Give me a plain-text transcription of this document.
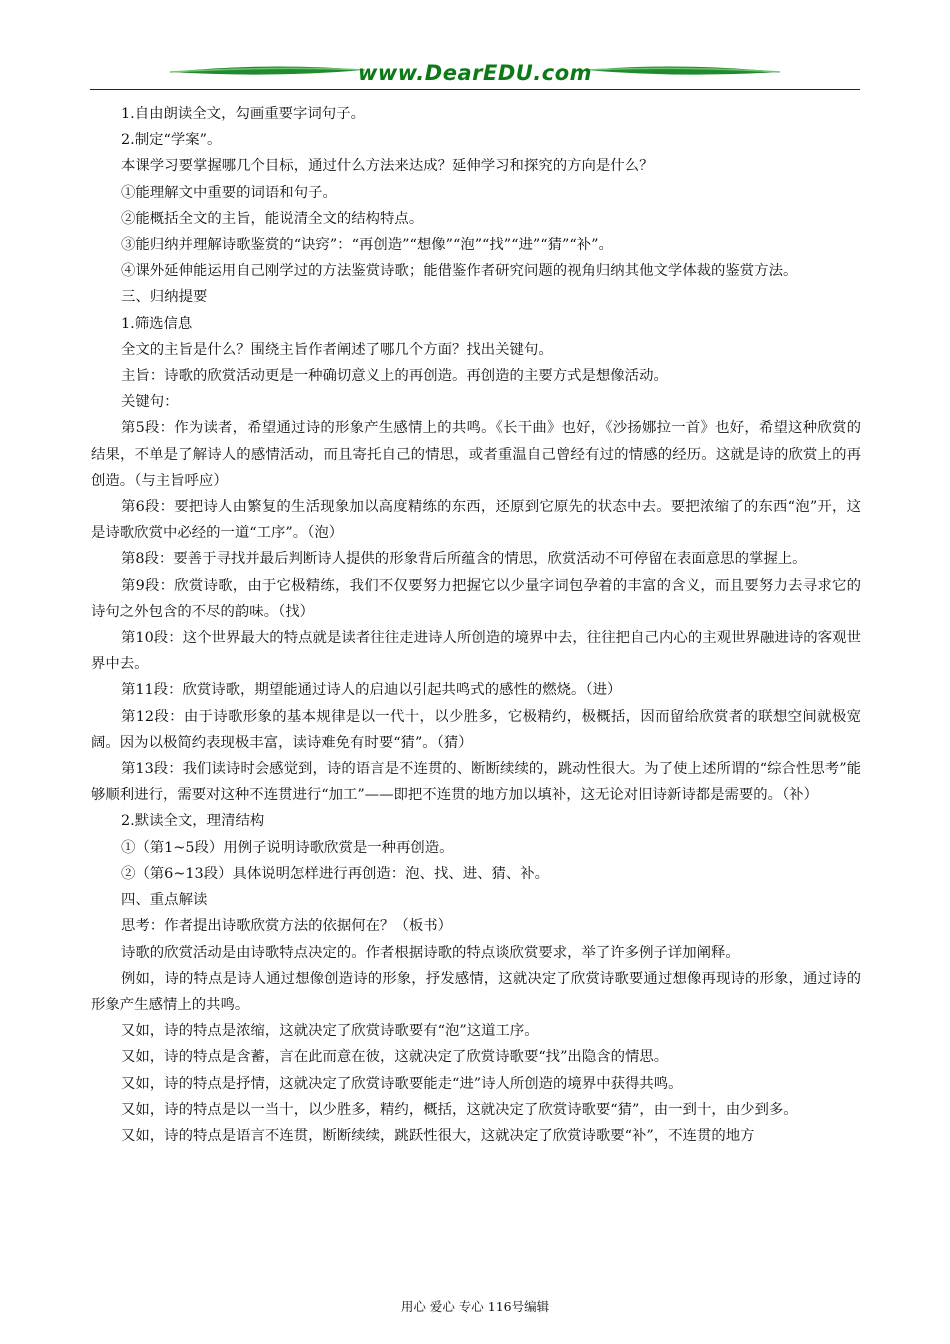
www.DearEDU.com

1.自由朗读全文，勾画重要字词句子。

2.制定“学案”。

本课学习要掌握哪几个目标，通过什么方法来达成？延伸学习和探究的方向是什么？

①能理解文中重要的词语和句子。

②能概括全文的主旨，能说清全文的结构特点。

③能归纳并理解诗歌鉴赏的“诀窍”：“再创造”“想像”“泡”“找”“进”“猜”“补”。

④课外延伸能运用自己刚学过的方法鉴赏诗歌；能借鉴作者研究问题的视角归纳其他文学体裁的鉴赏方法。

三、归纳提要

1.筛选信息

全文的主旨是什么？围绕主旨作者阐述了哪几个方面？找出关键句。

主旨：诗歌的欣赏活动更是一种确切意义上的再创造。再创造的主要方式是想像活动。

关键句：

第5段：作为读者，希望通过诗的形象产生感情上的共鸣。《长干曲》也好，《沙扬娜拉一首》也好，希望这种欣赏的结果，不单是了解诗人的感情活动，而且寄托自己的情思，或者重温自己曾经有过的情感的经历。这就是诗的欣赏上的再创造。（与主旨呼应）

第6段：要把诗人由繁复的生活现象加以高度精练的东西，还原到它原先的状态中去。要把浓缩了的东西“泡”开，这是诗歌欣赏中必经的一道“工序”。（泡）

第8段：要善于寻找并最后判断诗人提供的形象背后所蕴含的情思，欣赏活动不可停留在表面意思的掌握上。

第9段：欣赏诗歌，由于它极精练，我们不仅要努力把握它以少量字词包孕着的丰富的含义，而且要努力去寻求它的诗句之外包含的不尽的韵味。（找）

第10段：这个世界最大的特点就是读者往往走进诗人所创造的境界中去，往往把自己内心的主观世界融进诗的客观世界中去。

第11段：欣赏诗歌，期望能通过诗人的启迪以引起共鸣式的感性的燃烧。（进）

第12段：由于诗歌形象的基本规律是以一代十，以少胜多，它极精约，极概括，因而留给欣赏者的联想空间就极宽阔。因为以极简约表现极丰富，读诗难免有时要“猜”。（猜）

第13段：我们读诗时会感觉到，诗的语言是不连贯的、断断续续的，跳动性很大。为了使上述所谓的“综合性思考”能够顺利进行，需要对这种不连贯进行“加工”——即把不连贯的地方加以填补，这无论对旧诗新诗都是需要的。（补）

2.默读全文，理清结构

①（第1~5段）用例子说明诗歌欣赏是一种再创造。

②（第6~13段）具体说明怎样进行再创造：泡、找、进、猜、补。

四、重点解读

思考：作者提出诗歌欣赏方法的依据何在？（板书）

诗歌的欣赏活动是由诗歌特点决定的。作者根据诗歌的特点谈欣赏要求，举了许多例子详加阐释。

例如，诗的特点是诗人通过想像创造诗的形象，抒发感情，这就决定了欣赏诗歌要通过想像再现诗的形象，通过诗的形象产生感情上的共鸣。

又如，诗的特点是浓缩，这就决定了欣赏诗歌要有“泡”这道工序。

又如，诗的特点是含蓄，言在此而意在彼，这就决定了欣赏诗歌要“找”出隐含的情思。

又如，诗的特点是抒情，这就决定了欣赏诗歌要能走“进”诗人所创造的境界中获得共鸣。

又如，诗的特点是以一当十，以少胜多，精约，概括，这就决定了欣赏诗歌要“猜”，由一到十，由少到多。

又如，诗的特点是语言不连贯，断断续续，跳跃性很大，这就决定了欣赏诗歌要“补”，不连贯的地方

用心 爱心 专心 116号编辑
